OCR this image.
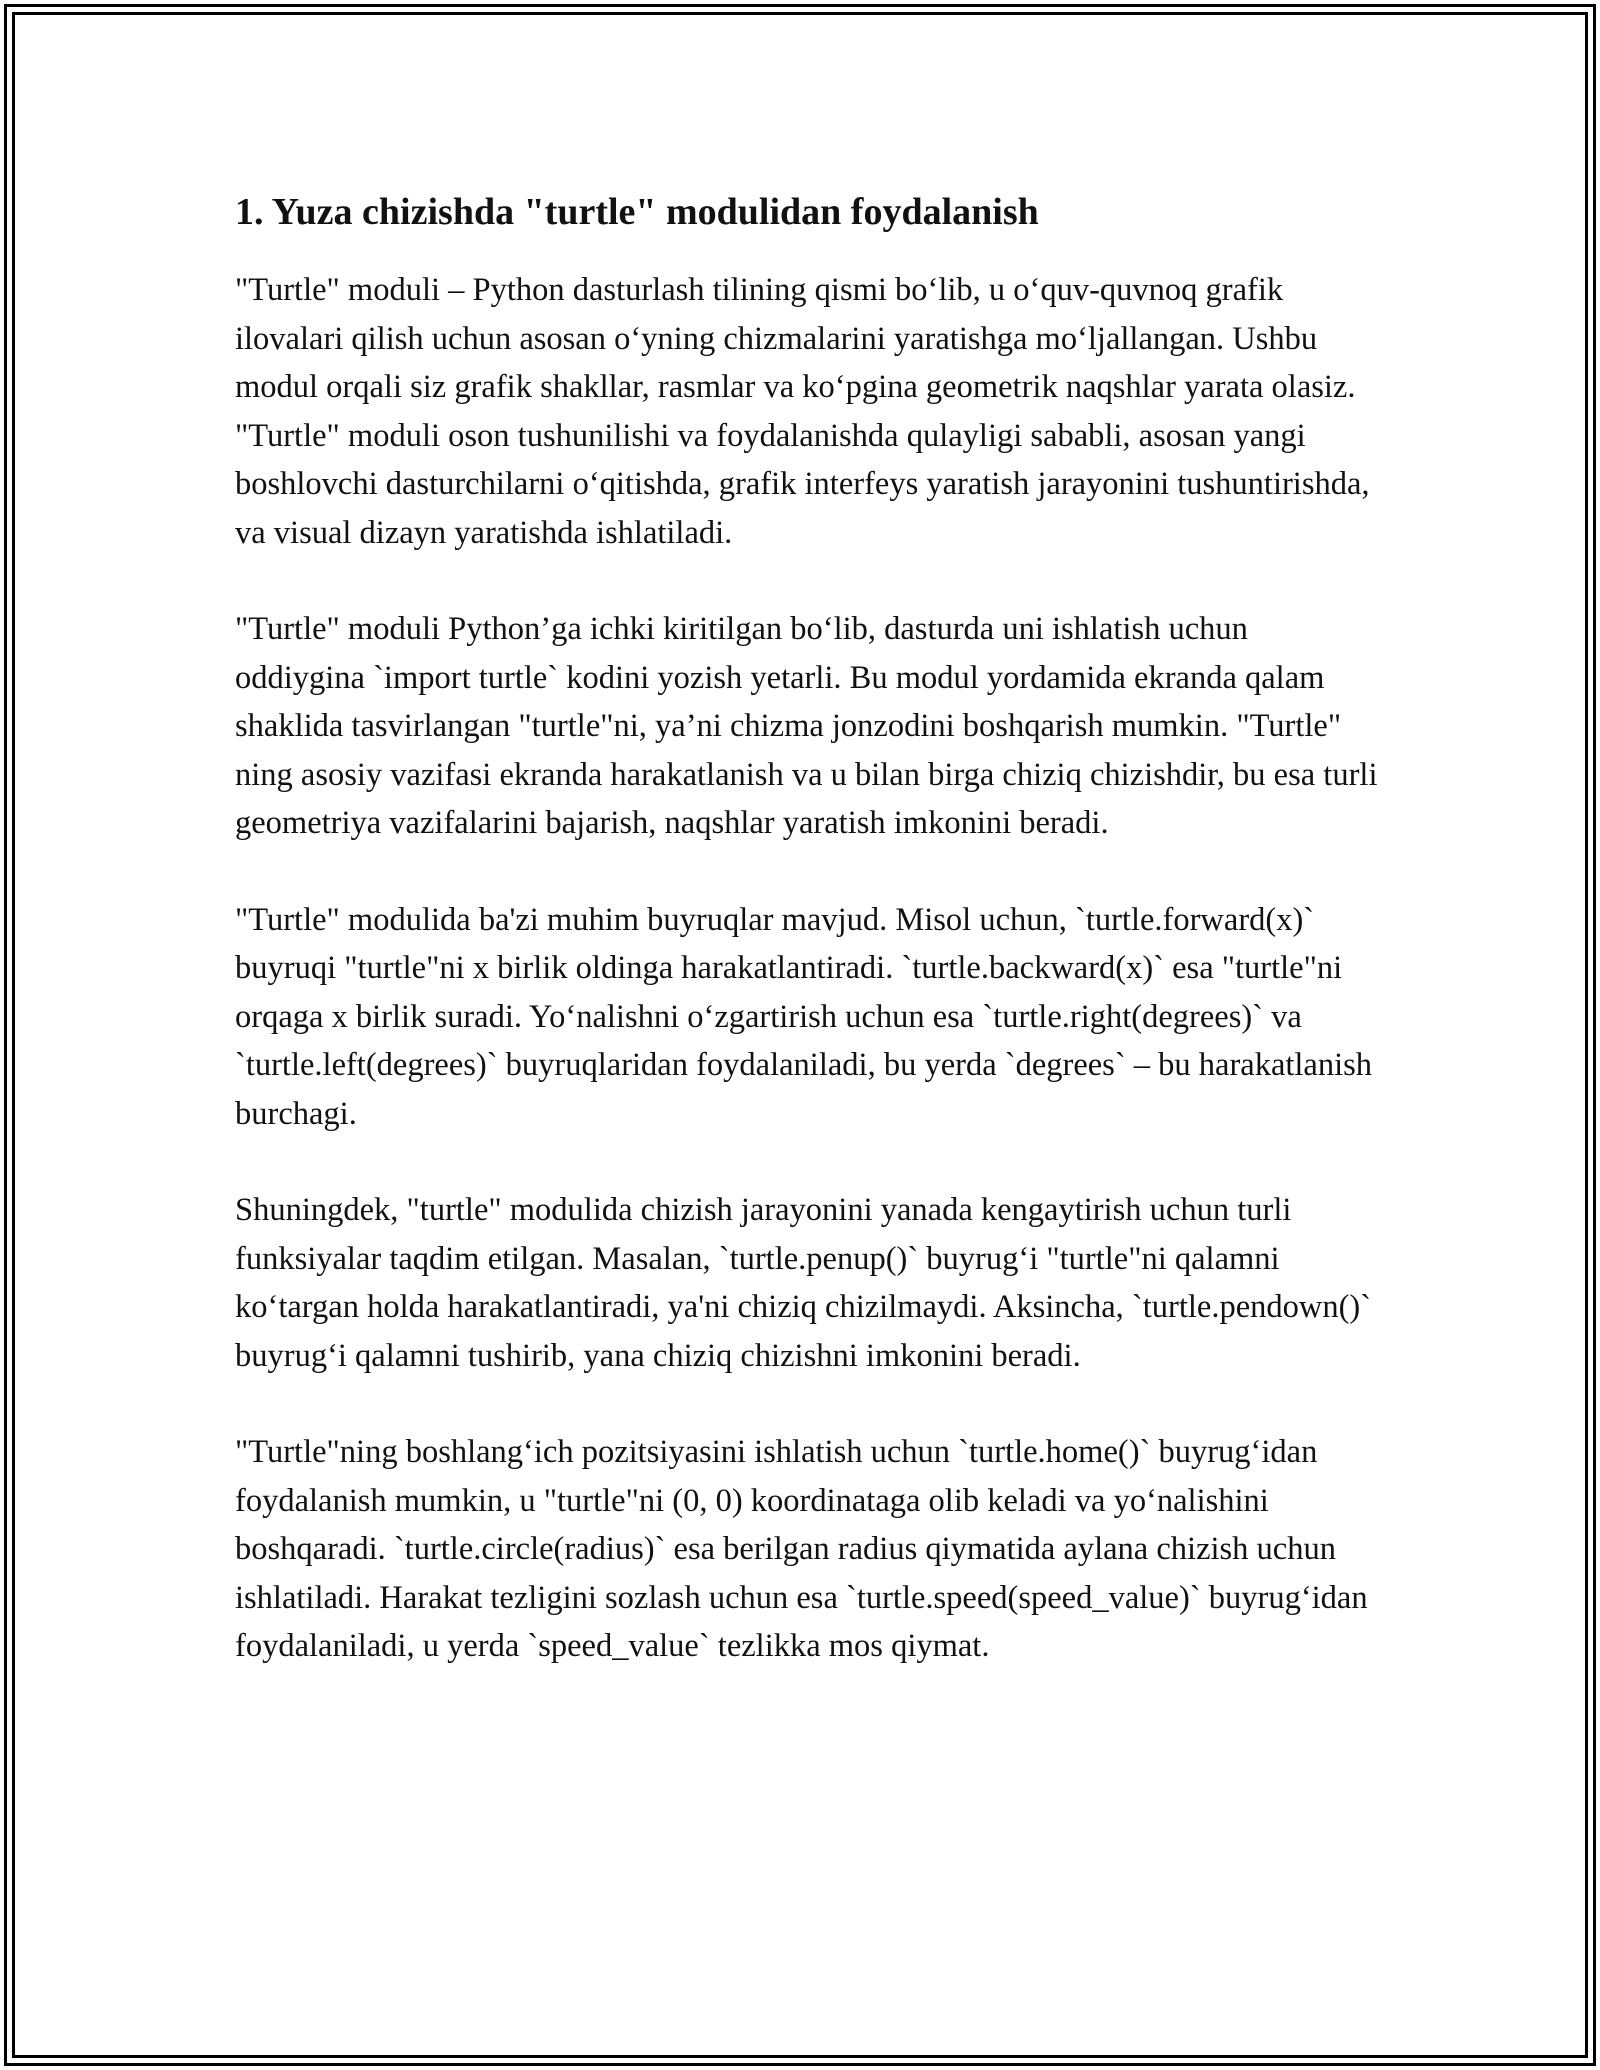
1. Yuza chizishda "turtle" modulidan foydalanish

"Turtle" moduli – Python dasturlash tilining qismi bo‘lib, u o‘quv-quvnoq grafik ilovalari qilish uchun asosan o‘yning chizmalarini yaratishga mo‘ljallangan. Ushbu modul orqali siz grafik shakllar, rasmlar va ko‘pgina geometrik naqshlar yarata olasiz. "Turtle" moduli oson tushunilishi va foydalanishda qulayligi sababli, asosan yangi boshlovchi dasturchilarni o‘qitishda, grafik interfeys yaratish jarayonini tushuntirishda, va visual dizayn yaratishda ishlatiladi.

"Turtle" moduli Python’ga ichki kiritilgan bo‘lib, dasturda uni ishlatish uchun oddiygina `import turtle` kodini yozish yetarli. Bu modul yordamida ekranda qalam shaklida tasvirlangan "turtle"ni, ya’ni chizma jonzodini boshqarish mumkin. "Turtle" ning asosiy vazifasi ekranda harakatlanish va u bilan birga chiziq chizishdir, bu esa turli geometriya vazifalarini bajarish, naqshlar yaratish imkonini beradi.

"Turtle" modulida ba'zi muhim buyruqlar mavjud. Misol uchun, `turtle.forward(x)` buyruqi "turtle"ni x birlik oldinga harakatlantiradi. `turtle.backward(x)` esa "turtle"ni orqaga x birlik suradi. Yo‘nalishni o‘zgartirish uchun esa `turtle.right(degrees)` va `turtle.left(degrees)` buyruqlaridan foydalaniladi, bu yerda `degrees` – bu harakatlanish burchagi.

Shuningdek, "turtle" modulida chizish jarayonini yanada kengaytirish uchun turli funksiyalar taqdim etilgan. Masalan, `turtle.penup()` buyrug‘i "turtle"ni qalamni ko‘targan holda harakatlantiradi, ya'ni chiziq chizilmaydi. Aksincha, `turtle.pendown()` buyrug‘i qalamni tushirib, yana chiziq chizishni imkonini beradi.

"Turtle"ning boshlang‘ich pozitsiyasini ishlatish uchun `turtle.home()` buyrug‘idan foydalanish mumkin, u "turtle"ni (0, 0) koordinataga olib keladi va yo‘nalishini boshqaradi. `turtle.circle(radius)` esa berilgan radius qiymatida aylana chizish uchun ishlatiladi. Harakat tezligini sozlash uchun esa `turtle.speed(speed_value)` buyrug‘idan foydalaniladi, u yerda `speed_value` tezlikka mos qiymat.
